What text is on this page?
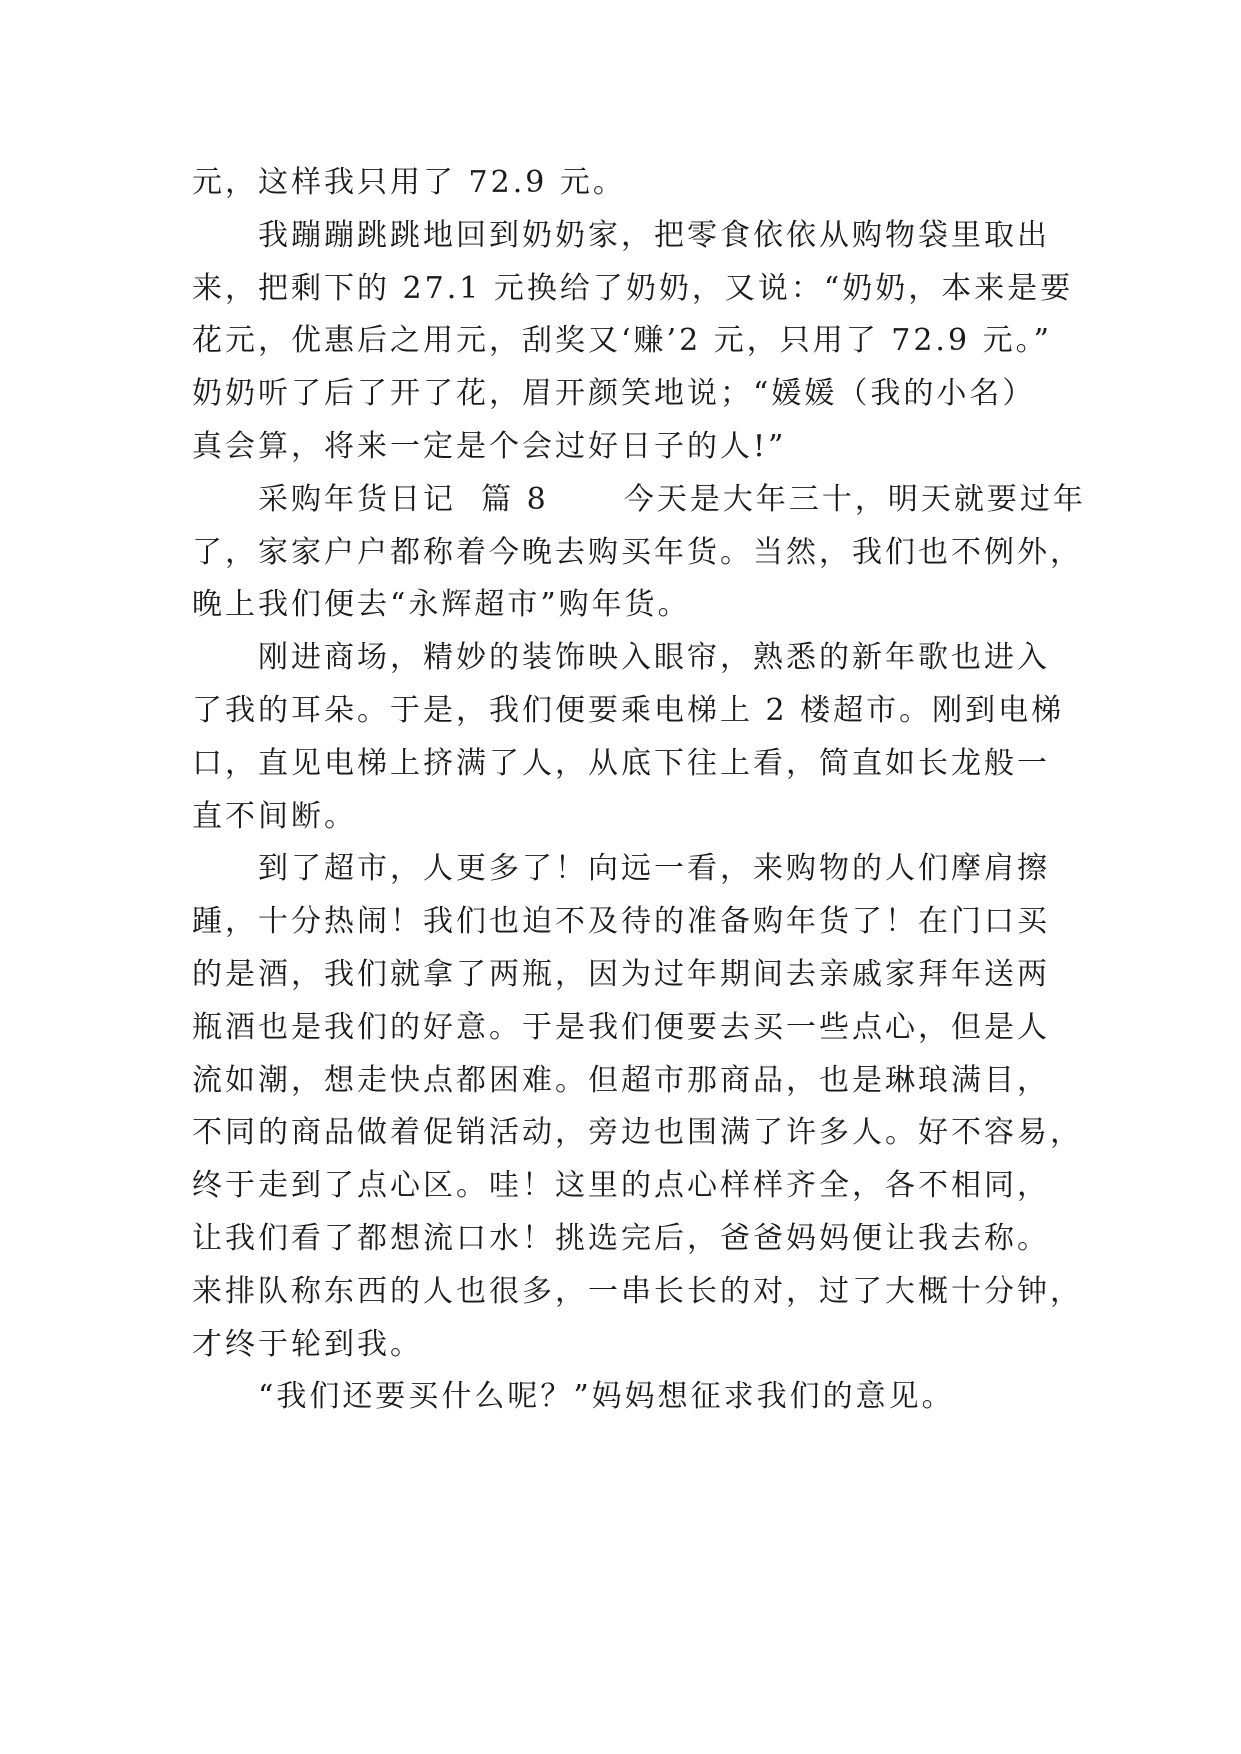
元，这样我只用了 72.9 元。
我蹦蹦跳跳地回到奶奶家，把零食依依从购物袋里取出
来，把剩下的 27.1 元换给了奶奶，又说：“奶奶，本来是要
花元，优惠后之用元，刮奖又‘赚’2 元，只用了 72.9 元。”
奶奶听了后了开了花，眉开颜笑地说；“媛媛（我的小名）
真会算，将来一定是个会过好日子的人!”
采购年货日记  篇 8      今天是大年三十，明天就要过年
了，家家户户都称着今晚去购买年货。当然，我们也不例外，
晚上我们便去“永辉超市”购年货。
刚进商场，精妙的装饰映入眼帘，熟悉的新年歌也进入
了我的耳朵。于是，我们便要乘电梯上 2 楼超市。刚到电梯
口，直见电梯上挤满了人，从底下往上看，简直如长龙般一
直不间断。
到了超市，人更多了！向远一看，来购物的人们摩肩擦
踵，十分热闹！我们也迫不及待的准备购年货了！在门口买
的是酒，我们就拿了两瓶，因为过年期间去亲戚家拜年送两
瓶酒也是我们的好意。于是我们便要去买一些点心，但是人
流如潮，想走快点都困难。但超市那商品，也是琳琅满目，
不同的商品做着促销活动，旁边也围满了许多人。好不容易，
终于走到了点心区。哇！这里的点心样样齐全，各不相同，
让我们看了都想流口水！挑选完后，爸爸妈妈便让我去称。
来排队称东西的人也很多，一串长长的对，过了大概十分钟，
才终于轮到我。
“我们还要买什么呢？”妈妈想征求我们的意见。
